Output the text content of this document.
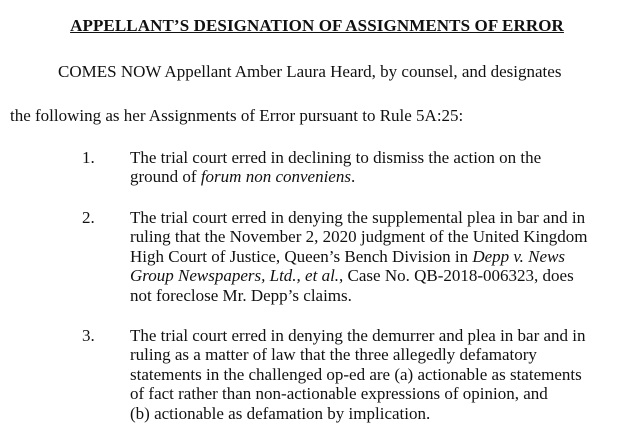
APPELLANT’S DESIGNATION OF ASSIGNMENTS OF ERROR
COMES NOW Appellant Amber Laura Heard, by counsel, and designates
the following as her Assignments of Error pursuant to Rule 5A:25:
1. The trial court erred in declining to dismiss the action on the
ground of forum non conveniens.
2. The trial court erred in denying the supplemental plea in bar and in
ruling that the November 2, 2020 judgment of the United Kingdom
High Court of Justice, Queen’s Bench Division in Depp v. News
Group Newspapers, Ltd., et al., Case No. QB-2018-006323, does
not foreclose Mr. Depp’s claims.
3. The trial court erred in denying the demurrer and plea in bar and in
ruling as a matter of law that the three allegedly defamatory
statements in the challenged op-ed are (a) actionable as statements
of fact rather than non-actionable expressions of opinion, and
(b) actionable as defamation by implication.
